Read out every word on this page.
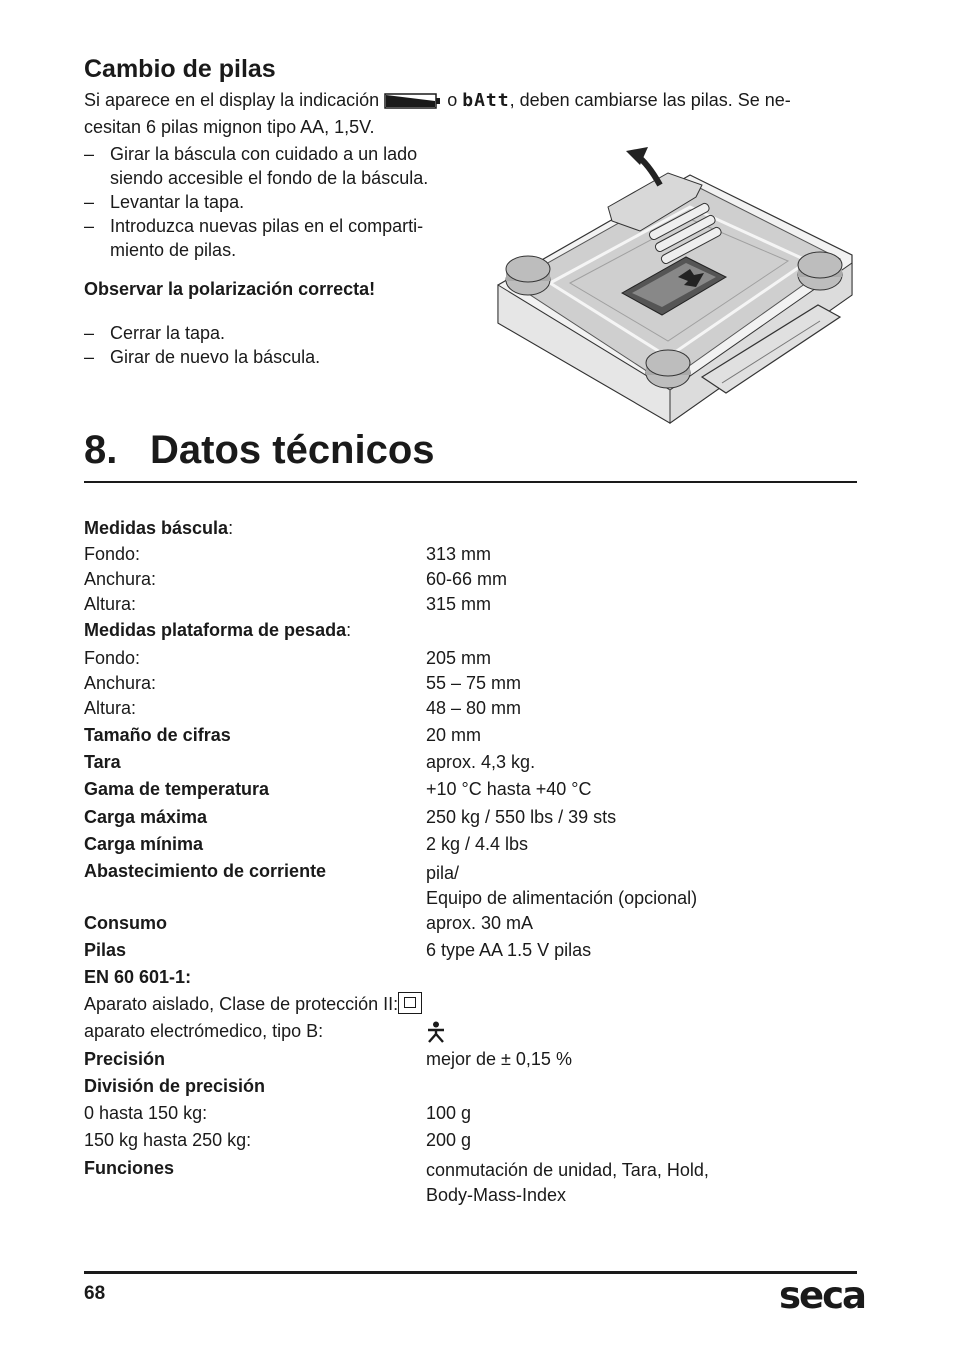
Cambio de pilas
Si aparece en el display la indicación	o bAtt, deben cambiarse las pilas. Se ne-
cesitan 6 pilas mignon tipo AA, 1,5V.
– Girar la báscula con cuidado a un lado siendo accesible el fondo de la báscula.
– Levantar la tapa.
– Introduzca nuevas pilas en el comparti-miento de pilas.
Observar la polarización correcta!
– Cerrar la tapa.
– Girar de nuevo la báscula.
8. Datos técnicos
Medidas báscula:
Fondo:	313 mm
Anchura:	60-66 mm
Altura:	315 mm
Medidas plataforma de pesada:
Fondo:	205 mm
Anchura:	55 – 75 mm
Altura:	48 – 80 mm
Tamaño de cifras	20 mm
Tara	aprox. 4,3 kg.
Gama de temperatura	+10 °C hasta +40 °C
Carga máxima	250 kg / 550 lbs / 39 sts
Carga mínima	2 kg / 4.4 lbs
Abastecimiento de corriente	pila/
Equipo de alimentación (opcional)
Consumo	aprox. 30 mA
Pilas	6 type AA 1.5 V pilas
EN 60 601-1:
Aparato aislado, Clase de protección II:
aparato electrómedico, tipo B:
Precisión	mejor de ± 0,15 %
División de precisión
0 hasta 150 kg:	100 g
150 kg hasta 250 kg:	200 g
Funciones	conmutación de unidad, Tara, Hold,
Body-Mass-Index
68	seca
